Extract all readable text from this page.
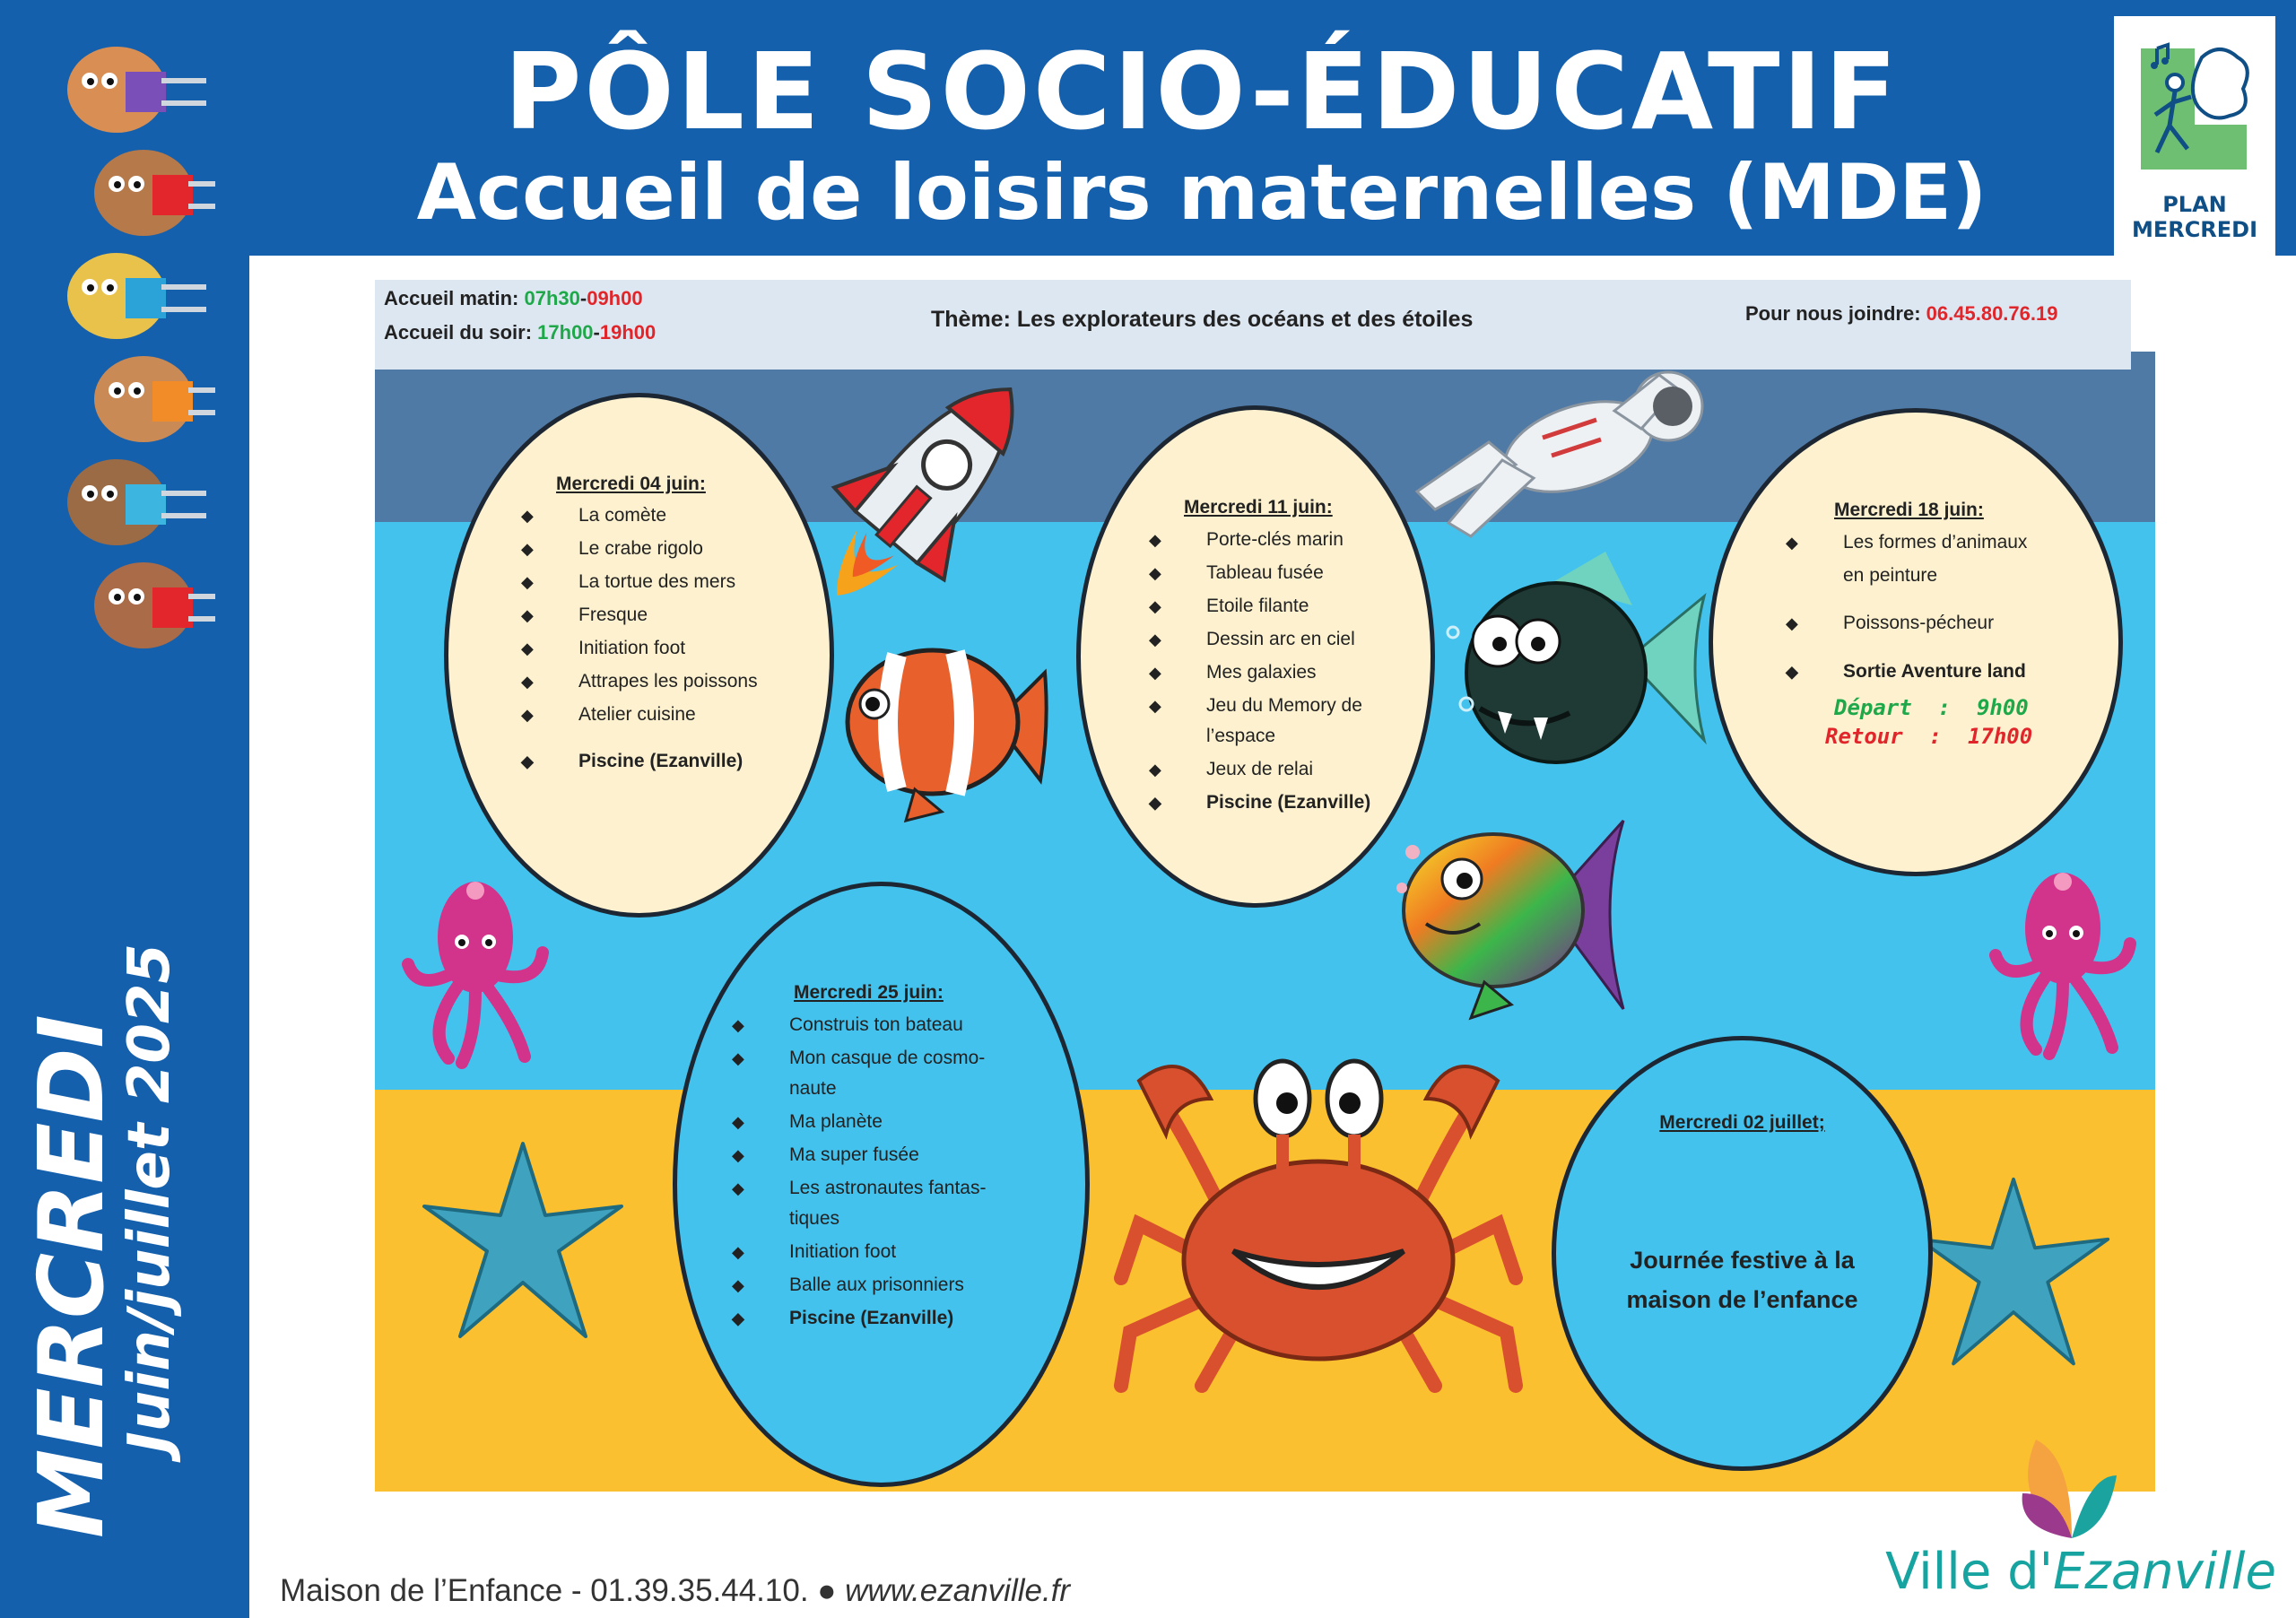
PÔLE SOCIO-ÉDUCATIF
Accueil de loisirs maternelles (MDE)	PLAN
MERCREDI
MERCREDI
Juin/juillet 2025
Accueil matin: 07h30-09h00
Accueil du soir: 17h00-19h00
Thème: Les explorateurs des océans et des étoiles	Pour nous joindre: 06.45.80.76.19
Mercredi 04 juin:
◆ La comète
◆ Le crabe rigolo
◆ La tortue des mers
◆ Fresque
◆ Initiation foot
◆ Attrapes les poissons
◆ Atelier cuisine
◆ Piscine (Ezanville)
Mercredi 11 juin:
◆ Porte-clés marin
◆ Tableau fusée
◆ Etoile filante
◆ Dessin arc en ciel
◆ Mes galaxies
◆ Jeu du Memory de
l’espace
◆ Jeux de relai
◆ Piscine (Ezanville)
Mercredi 18 juin:
◆ Les formes d’animaux
en peinture
◆ Poissons-pécheur
◆ Sortie Aventure land
Départ  :  9h00
Retour  :  17h00
Mercredi 25 juin:
◆ Construis ton bateau
◆ Mon casque de cosmo-
naute
◆ Ma planète
◆ Ma super fusée
◆ Les astronautes fantas-
tiques
◆ Initiation foot
◆ Balle aux prisonniers
◆ Piscine (Ezanville)
Mercredi 02 juillet;
Journée festive à la
maison de l’enfance
Maison de l’Enfance - 01.39.35.44.10. ● www.ezanville.fr	Ville d'Ezanville
